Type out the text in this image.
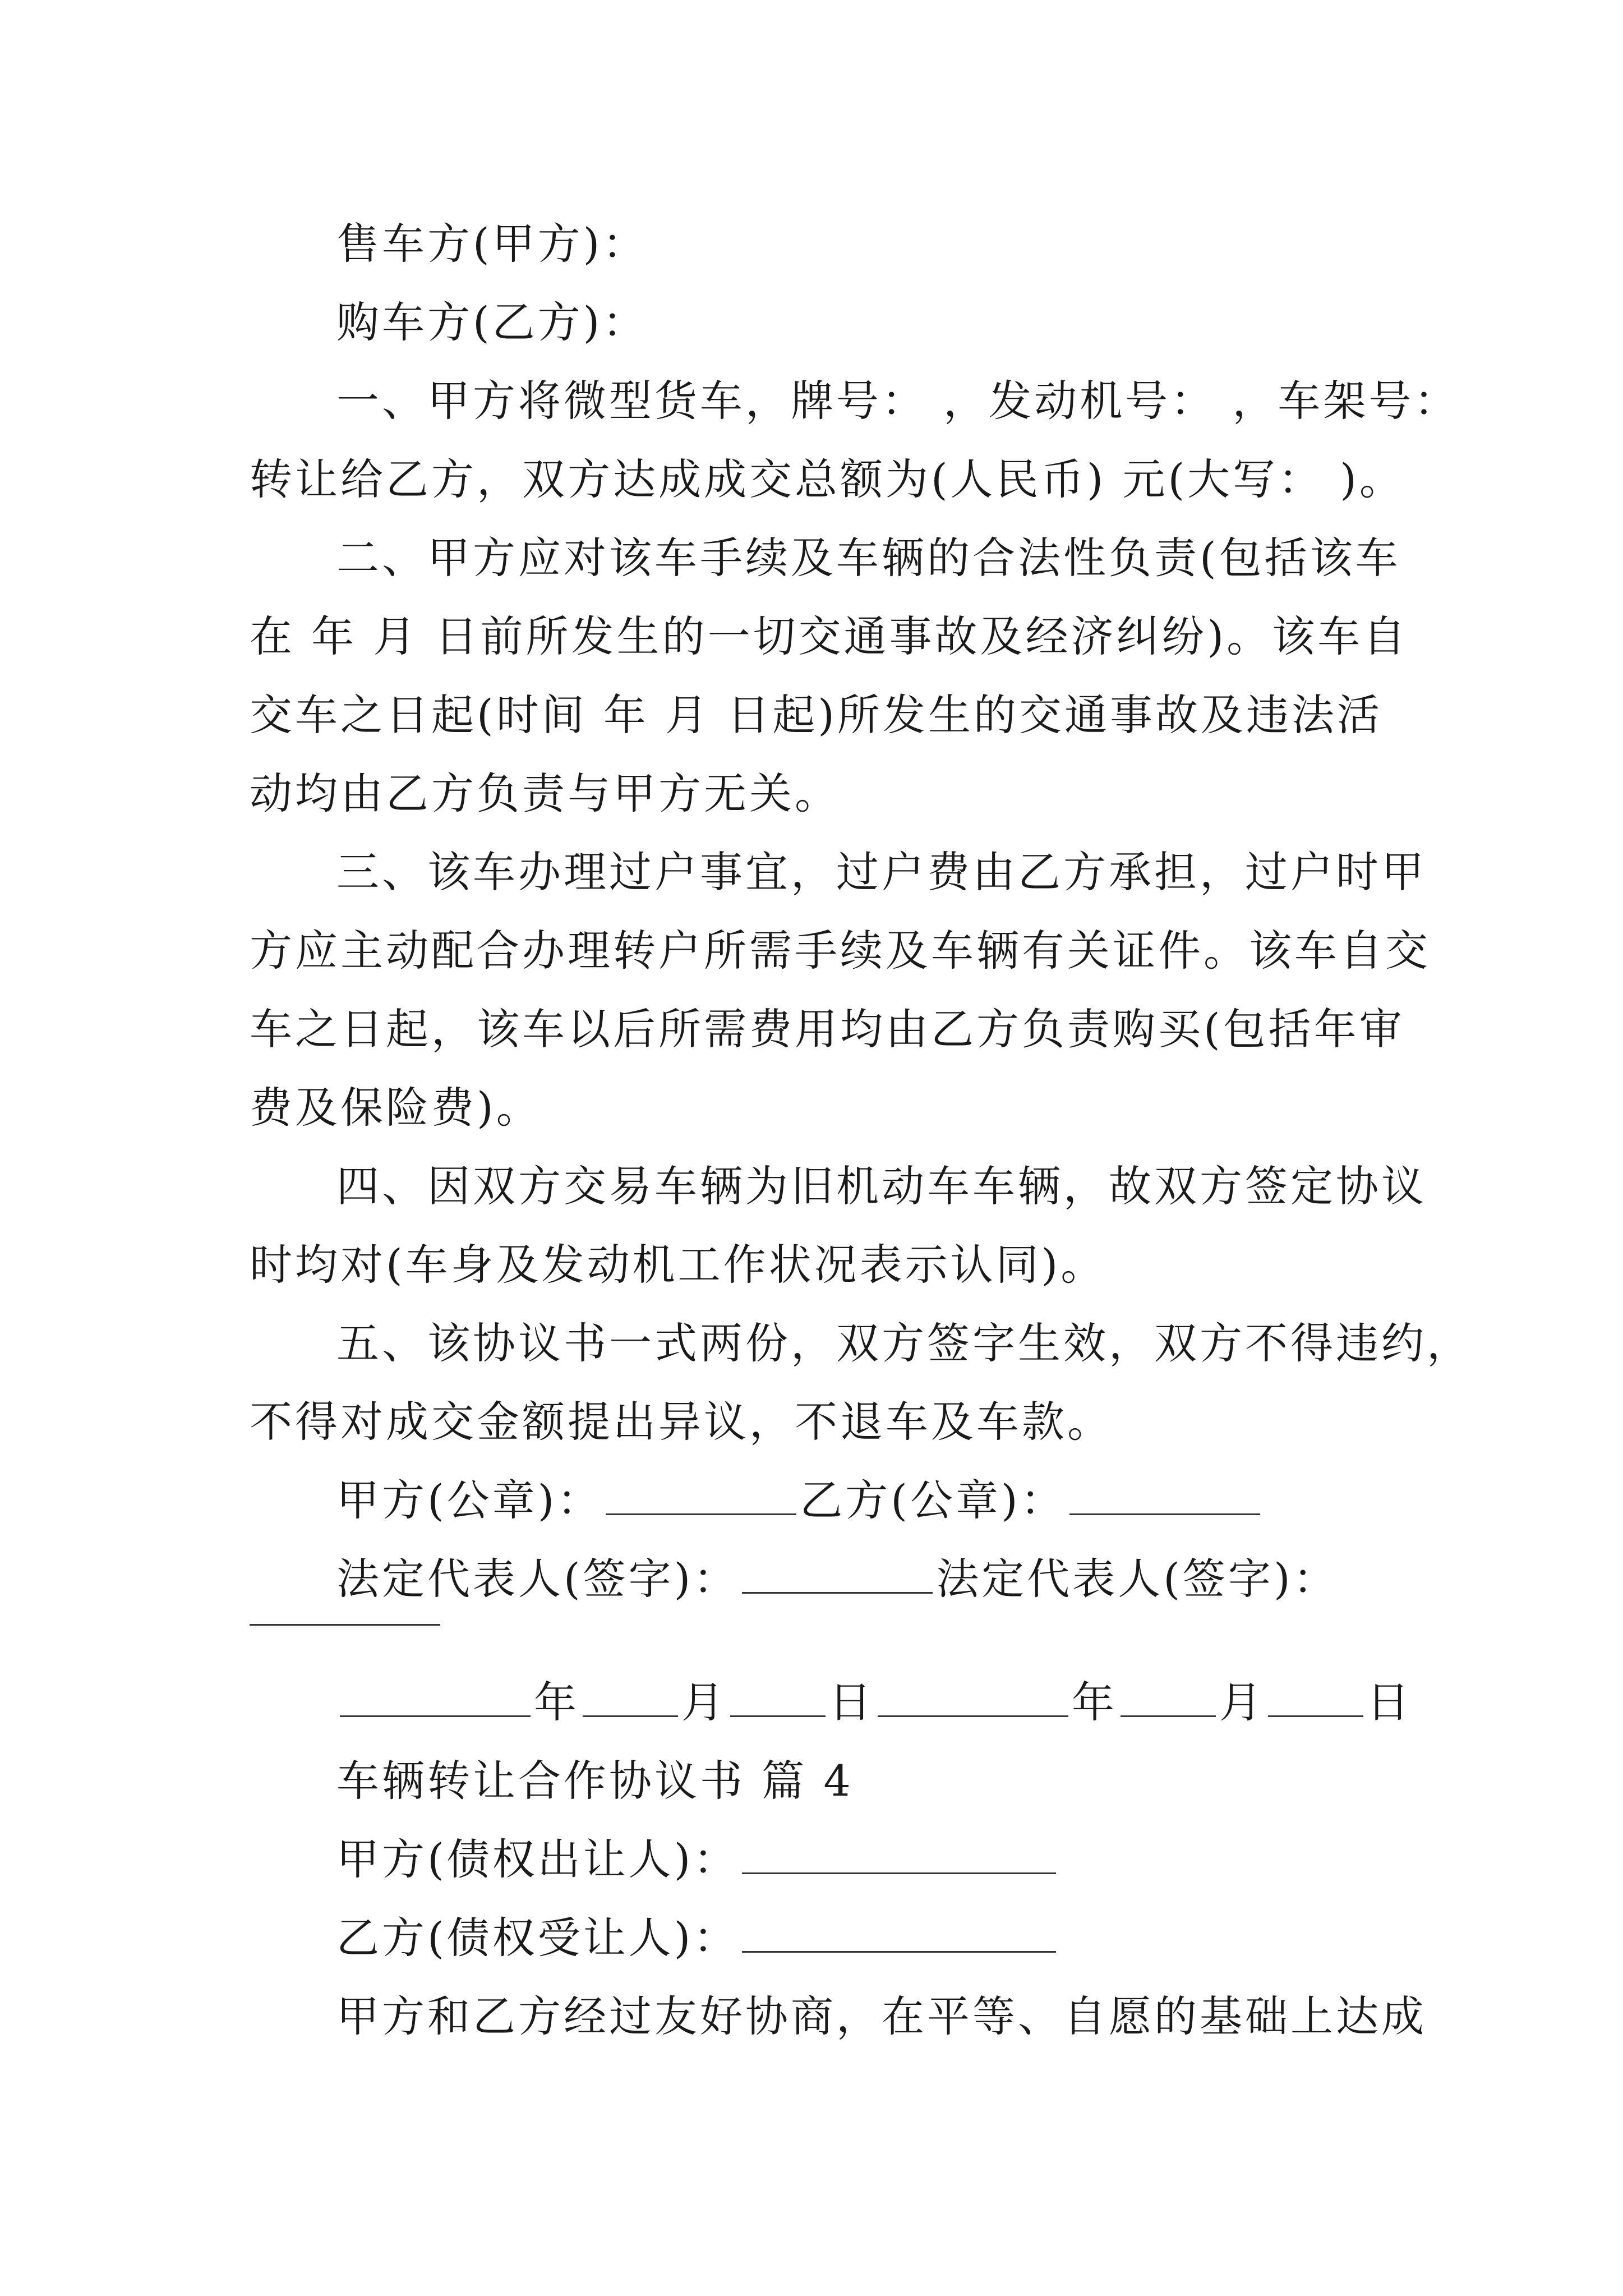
售车方(甲方)：
购车方(乙方)：
一、甲方将微型货车，牌号： ，发动机号： ，车架号：
转让给乙方，双方达成成交总额为(人民币) 元(大写： )。
二、甲方应对该车手续及车辆的合法性负责(包括该车
在 年 月 日前所发生的一切交通事故及经济纠纷)。该车自
交车之日起(时间 年 月 日起)所发生的交通事故及违法活
动均由乙方负责与甲方无关。
三、该车办理过户事宜，过户费由乙方承担，过户时甲
方应主动配合办理转户所需手续及车辆有关证件。该车自交
车之日起，该车以后所需费用均由乙方负责购买(包括年审
费及保险费)。
四、因双方交易车辆为旧机动车车辆，故双方签定协议
时均对(车身及发动机工作状况表示认同)。
五、该协议书一式两份，双方签字生效，双方不得违约，
不得对成交金额提出异议，不退车及车款。
甲方(公章)：	乙方(公章)：
法定代表人(签字)：	法定代表人(签字)：
年 月 日	年 月 日
车辆转让合作协议书 篇 4
甲方(债权出让人)：
乙方(债权受让人)：
甲方和乙方经过友好协商，在平等、自愿的基础上达成
